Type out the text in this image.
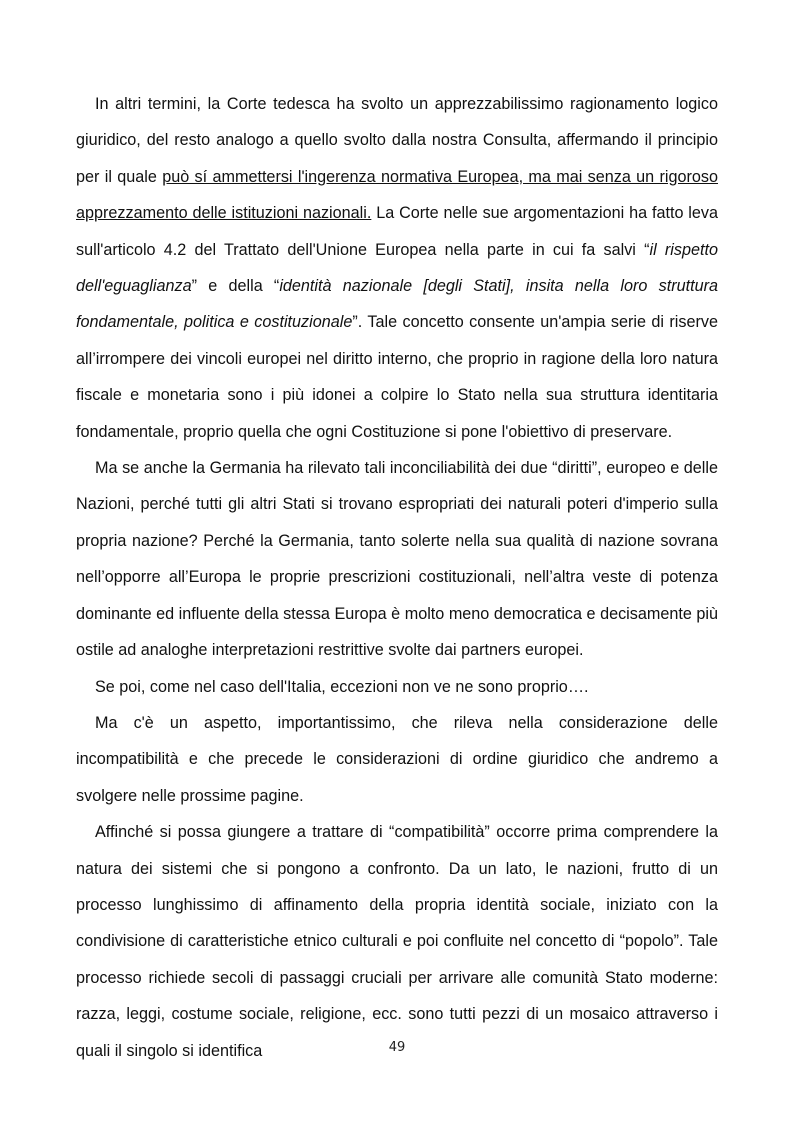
In altri termini, la Corte tedesca ha svolto un apprezzabilissimo ragionamento logico giuridico, del resto analogo a quello svolto dalla nostra Consulta, affermando il principio per il quale può sí ammettersi l'ingerenza normativa Europea, ma mai senza un rigoroso apprezzamento delle istituzioni nazionali. La Corte nelle sue argomentazioni ha fatto leva sull'articolo 4.2 del Trattato dell'Unione Europea nella parte in cui fa salvi “il rispetto dell'eguaglianza” e della “identità nazionale [degli Stati], insita nella loro struttura fondamentale, politica e costituzionale”. Tale concetto consente un'ampia serie di riserve all’irrompere dei vincoli europei nel diritto interno, che proprio in ragione della loro natura fiscale e monetaria sono i più idonei a colpire lo Stato nella sua struttura identitaria fondamentale, proprio quella che ogni Costituzione si pone l'obiettivo di preservare.

Ma se anche la Germania ha rilevato tali inconciliabilità dei due “diritti”, europeo e delle Nazioni, perché tutti gli altri Stati si trovano espropriati dei naturali poteri d'imperio sulla propria nazione? Perché la Germania, tanto solerte nella sua qualità di nazione sovrana nell’opporre all’Europa le proprie prescrizioni costituzionali, nell’altra veste di potenza dominante ed influente della stessa Europa è molto meno democratica e decisamente più ostile ad analoghe interpretazioni restrittive svolte dai partners europei.

Se poi, come nel caso dell'Italia, eccezioni non ve ne sono proprio….

Ma c'è un aspetto, importantissimo, che rileva nella considerazione delle incompatibilità e che precede le considerazioni di ordine giuridico che andremo a svolgere nelle prossime pagine.

Affinché si possa giungere a trattare di “compatibilità” occorre prima comprendere la natura dei sistemi che si pongono a confronto. Da un lato, le nazioni, frutto di un processo lunghissimo di affinamento della propria identità sociale, iniziato con la condivisione di caratteristiche etnico culturali e poi confluite nel concetto di “popolo”. Tale processo richiede secoli di passaggi cruciali per arrivare alle comunità Stato moderne: razza, leggi, costume sociale, religione, ecc. sono tutti pezzi di un mosaico attraverso i quali il singolo si identifica	49
